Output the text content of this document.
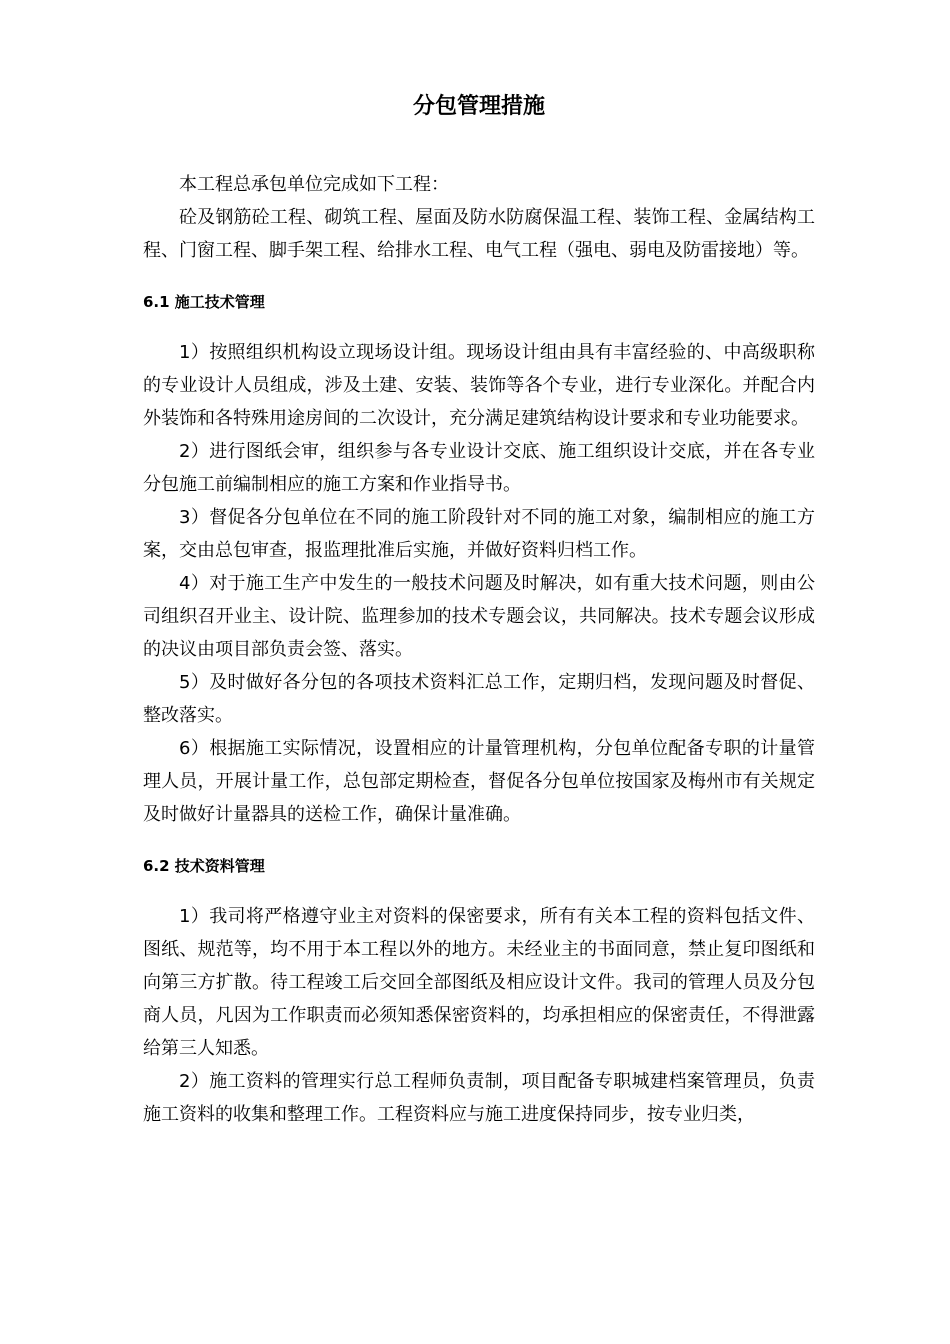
分包管理措施

本工程总承包单位完成如下工程：

砼及钢筋砼工程、砌筑工程、屋面及防水防腐保温工程、装饰工程、金属结构工程、门窗工程、脚手架工程、给排水工程、电气工程（强电、弱电及防雷接地）等。

6.1 施工技术管理

1）按照组织机构设立现场设计组。现场设计组由具有丰富经验的、中高级职称的专业设计人员组成，涉及土建、安装、装饰等各个专业，进行专业深化。并配合内外装饰和各特殊用途房间的二次设计，充分满足建筑结构设计要求和专业功能要求。

2）进行图纸会审，组织参与各专业设计交底、施工组织设计交底，并在各专业分包施工前编制相应的施工方案和作业指导书。

3）督促各分包单位在不同的施工阶段针对不同的施工对象，编制相应的施工方案，交由总包审查，报监理批准后实施，并做好资料归档工作。

4）对于施工生产中发生的一般技术问题及时解决，如有重大技术问题，则由公司组织召开业主、设计院、监理参加的技术专题会议，共同解决。技术专题会议形成的决议由项目部负责会签、落实。

5）及时做好各分包的各项技术资料汇总工作，定期归档，发现问题及时督促、整改落实。

6）根据施工实际情况，设置相应的计量管理机构，分包单位配备专职的计量管理人员，开展计量工作，总包部定期检查，督促各分包单位按国家及梅州市有关规定及时做好计量器具的送检工作，确保计量准确。

6.2 技术资料管理

1）我司将严格遵守业主对资料的保密要求，所有有关本工程的资料包括文件、图纸、规范等，均不用于本工程以外的地方。未经业主的书面同意，禁止复印图纸和向第三方扩散。待工程竣工后交回全部图纸及相应设计文件。我司的管理人员及分包商人员，凡因为工作职责而必须知悉保密资料的，均承担相应的保密责任，不得泄露给第三人知悉。

2）施工资料的管理实行总工程师负责制，项目配备专职城建档案管理员，负责施工资料的收集和整理工作。工程资料应与施工进度保持同步，按专业归类，
